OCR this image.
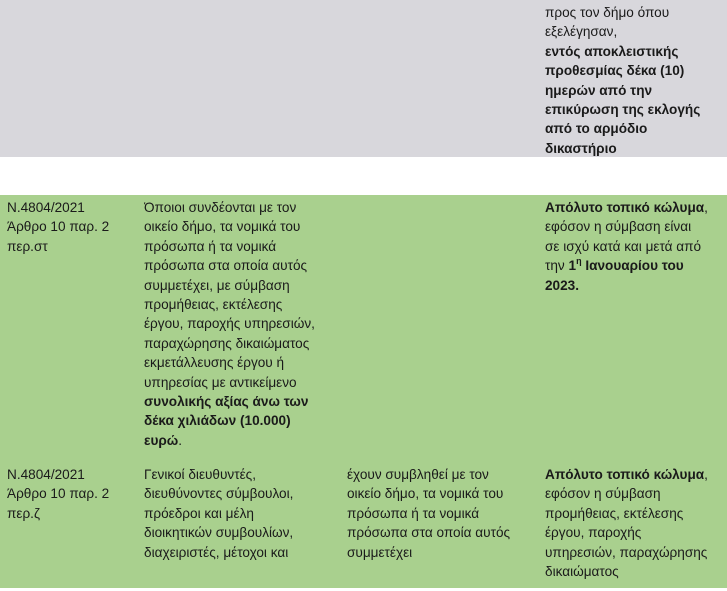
προς τον δήμο όπου

εξελέγησαν,

εντός αποκλειστικής

προθεσμίας δέκα (10)

ημερών από την

επικύρωση της εκλογής

από το αρμόδιο

δικαστήριο

Ν.4804/2021

Άρθρο 10 παρ. 2

περ.στ

Όποιοι συνδέονται με τον

οικείο δήμο, τα νομικά του

πρόσωπα ή τα νομικά

πρόσωπα στα οποία αυτός

συμμετέχει, με σύμβαση

προμήθειας, εκτέλεσης

έργου, παροχής υπηρεσιών,

παραχώρησης δικαιώματος

εκμετάλλευσης έργου ή

υπηρεσίας με αντικείμενο

συνολικής αξίας άνω των

δέκα χιλιάδων (10.000)

ευρώ.

Απόλυτο τοπικό κώλυμα,

εφόσον η σύμβαση είναι

σε ισχύ κατά και μετά από

την $1^\eta$ Ιανουαρίου του

2023.

Ν.4804/2021

Άρθρο 10 παρ. 2

περ.ζ

Γενικοί διευθυντές,

διευθύνοντες σύμβουλοι,

πρόεδροι και μέλη

διοικητικών συμβουλίων,

διαχειριστές, μέτοχοι και

έχουν συμβληθεί με τον

οικείο δήμο, τα νομικά του

πρόσωπα ή τα νομικά

πρόσωπα στα οποία αυτός

συμμετέχει

Απόλυτο τοπικό κώλυμα,

εφόσον η σύμβαση

προμήθειας, εκτέλεσης

έργου, παροχής

υπηρεσιών, παραχώρησης

δικαιώματος
